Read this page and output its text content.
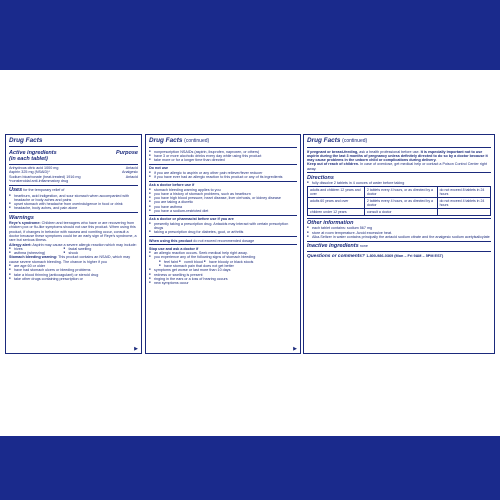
Drug Facts
Active ingredients	Purpose
(in each tablet)
Anhydrous citric acid 1000 mg	Antacid
Aspirin 325 mg (NSAID)*	Analgesic
Sodium bicarbonate (heat-treated) 1916 mg	Antacid
*nonsteroidal anti-inflammatory drug
Uses for the temporary relief of
■ heartburn, acid indigestion, and sour stomach when accompanied with headache or body aches and pains
■ upset stomach with headache from overindulgence in food or drink
■ headache, body aches, and pain alone
Warnings
Reye's syndrome: Children and teenagers who have or are recovering from chicken pox or flu-like symptoms should not use this product. When using this product, if changes in behavior with nausea and vomiting occur, consult a doctor because these symptoms could be an early sign of Reye's syndrome, a rare but serious illness.
Allergy alert: Aspirin may cause a severe allergic reaction which may include:
■ hives
■ asthma (wheezing)
■ facial swelling
■ shock
Stomach bleeding warning: This product contains an NSAID, which may cause severe stomach bleeding. The chance is higher if you
■ are age 60 or older
■ have had stomach ulcers or bleeding problems
■ take a blood thinning (anticoagulant) or steroid drug
■ take other drugs containing prescription or
▶
Drug Facts (continued)
■ nonprescription NSAIDs (aspirin, ibuprofen, naproxen, or others)
■ have 3 or more alcoholic drinks every day while using this product
■ take more or for a longer time than directed
Do not use
■ if you are allergic to aspirin or any other pain reliever/fever reducer
■ if you have ever had an allergic reaction to this product or any of its ingredients
Ask a doctor before use if
■ stomach bleeding warning applies to you
■ you have a history of stomach problems, such as heartburn
■ you have high blood pressure, heart disease, liver cirrhosis, or kidney disease
■ you are taking a diuretic
■ you have asthma
■ you have a sodium-restricted diet
Ask a doctor or pharmacist before use if you are
■ presently taking a prescription drug. Antacids may interact with certain prescription drugs
■ taking a prescription drug for diabetes, gout, or arthritis
When using this product do not exceed recommended dosage
Stop use and ask a doctor if
■ an allergic reaction occurs. Seek medical help right away.
■ you experience any of the following signs of stomach bleeding
■ feel faint ■ vomit blood ■ have bloody or black stools
■ have stomach pain that does not get better
■ symptoms get worse or last more than 10 days
■ redness or swelling is present
■ ringing in the ears or a loss of hearing occurs
■ new symptoms occur
▶
Drug Facts (continued)
If pregnant or breast-feeding, ask a health professional before use. It is especially important not to use aspirin during the last 3 months of pregnancy unless definitely directed to do so by a doctor because it may cause problems in the unborn child or complications during delivery.
Keep out of reach of children. In case of overdose, get medical help or contact a Poison Control Center right away.
Directions
■ fully dissolve 2 tablets in 4 ounces of water before taking
adults and children 12 years and over	2 tablets every 4 hours, or as directed by a doctor	do not exceed 8 tablets in 24 hours
adults 60 years and over	2 tablets every 4 hours, or as directed by a doctor	do not exceed 4 tablets in 24 hours
children under 12 years	consult a doctor	
Other information
■ each tablet contains: sodium 567 mg
■ store at room temperature. Avoid excessive heat.
■ Alka-Seltzer in water contains principally the antacid sodium citrate and the analgesic sodium acetylsalicylate
Inactive ingredients none
Questions or comments? 1-800-986-0369 (Mon – Fri 9AM – 5PM EST)
